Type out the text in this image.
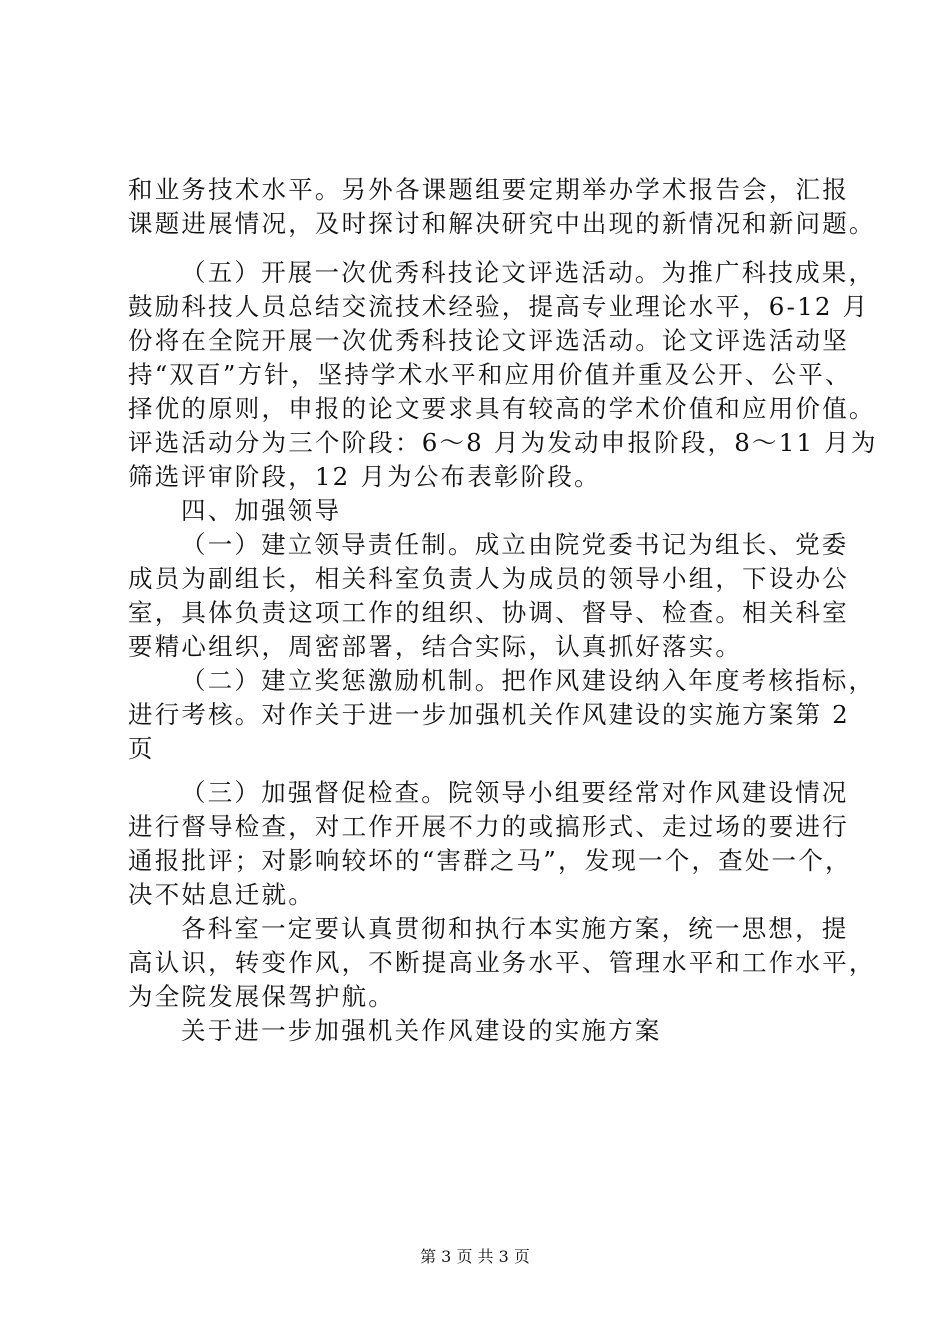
和业务技术水平。另外各课题组要定期举办学术报告会，汇报
课题进展情况，及时探讨和解决研究中出现的新情况和新问题。
（五）开展一次优秀科技论文评选活动。为推广科技成果，
鼓励科技人员总结交流技术经验，提高专业理论水平，6-12 月
份将在全院开展一次优秀科技论文评选活动。论文评选活动坚
持“双百”方针，坚持学术水平和应用价值并重及公开、公平、
择优的原则，申报的论文要求具有较高的学术价值和应用价值。
评选活动分为三个阶段：6～8 月为发动申报阶段，8～11 月为
筛选评审阶段，12 月为公布表彰阶段。
四、加强领导
（一）建立领导责任制。成立由院党委书记为组长、党委
成员为副组长，相关科室负责人为成员的领导小组，下设办公
室，具体负责这项工作的组织、协调、督导、检查。相关科室
要精心组织，周密部署，结合实际，认真抓好落实。
（二）建立奖惩激励机制。把作风建设纳入年度考核指标，
进行考核。对作关于进一步加强机关作风建设的实施方案第 2
页
（三）加强督促检查。院领导小组要经常对作风建设情况
进行督导检查，对工作开展不力的或搞形式、走过场的要进行
通报批评；对影响较坏的“害群之马”，发现一个，查处一个，
决不姑息迁就。
各科室一定要认真贯彻和执行本实施方案，统一思想，提
高认识，转变作风，不断提高业务水平、管理水平和工作水平，
为全院发展保驾护航。
关于进一步加强机关作风建设的实施方案
第 3 页 共 3 页
